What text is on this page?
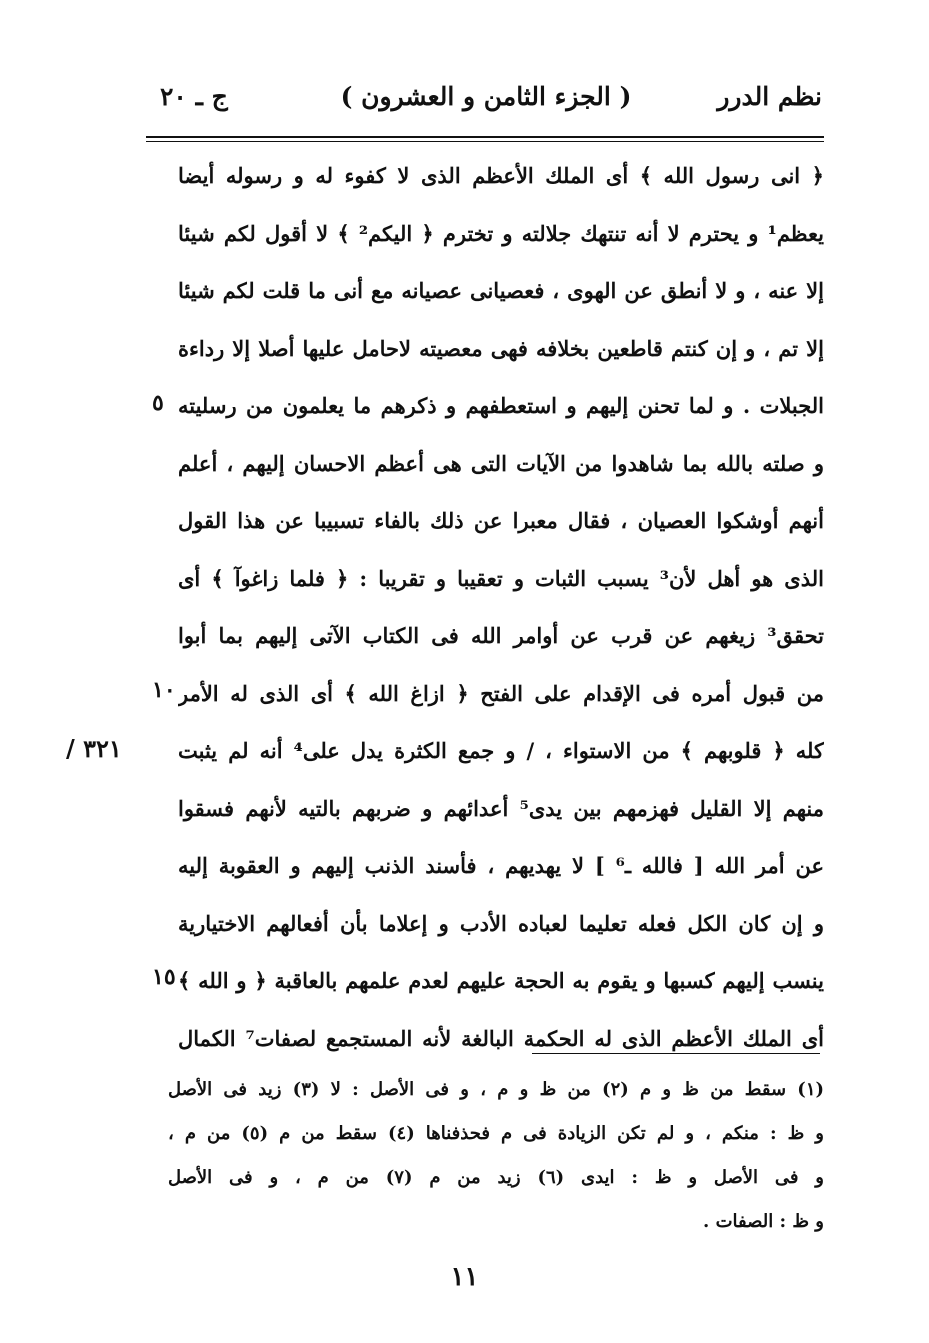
نظم الدرر
( الجزء الثامن و العشرون )
ج ـ ٢٠
﴿ انى رسول الله ﴾ أى الملك الأعظم الذى لا كفوء له و رسوله أيضا
يعظم¹ و يحترم لا أنه تنتهك جلالته و تخترم ﴿ اليكم² ﴾ لا أقول لكم شيئا
إلا عنه ، و لا أنطق عن الهوى ، فعصيانى عصيانه مع أنى ما قلت لكم شيئا
إلا تم ، و إن كنتم قاطعين بخلافه فهى معصيته لاحامل عليها أصلا إلا رداءة
الجبلات . و لما تحنن إليهم و استعطفهم و ذكرهم ما يعلمون من رسليته
و صلته بالله بما شاهدوا من الآيات التى هى أعظم الاحسان إليهم ، أعلم
أنهم أوشكوا العصيان ، فقال معبرا عن ذلك بالفاء تسبيبا عن هذا القول
الذى هو أهل لأن³ يسبب الثبات و تعقيبا و تقريبا : ﴿ فلما زاغوآ ﴾ أى
تحقق³ زيغهم عن قرب عن أوامر الله فى الكتاب الآتى إليهم بما أبوا
من قبول أمره فى الإقدام على الفتح ﴿ ازاغ الله ﴾ أى الذى له الأمر
كله ﴿ قلوبهم ﴾ من الاستواء ، / و جمع الكثرة يدل على⁴ أنه لم يثبت
منهم إلا القليل فهزمهم بين يدى⁵ أعدائهم و ضربهم بالتيه لأنهم فسقوا
عن أمر الله [ فالله ـ⁶ ] لا يهديهم ، فأسند الذنب إليهم و العقوبة إليه
و إن كان الكل فعله تعليما لعباده الأدب و إعلاما بأن أفعالهم الاختيارية
ينسب إليهم كسبها و يقوم به الحجة عليهم لعدم علمهم بالعاقبة ﴿ و الله ﴾
أى الملك الأعظم الذى له الحكمة البالغة لأنه المستجمع لصفات⁷ الكمال
٥
١٠
١٥
٣٢١ /
(١) سقط من ظ و م (٢) من ظ و م ، و فى الأصل : لا (٣) زيد فى الأصل
و ظ : منكم ، و لم تكن الزيادة فى م فحذفناها (٤) سقط من م (٥) من م ،
و فى الأصل و ظ : ايدى (٦) زيد من م (٧) من م ، و فى الأصل
و ظ : الصفات .
١١
